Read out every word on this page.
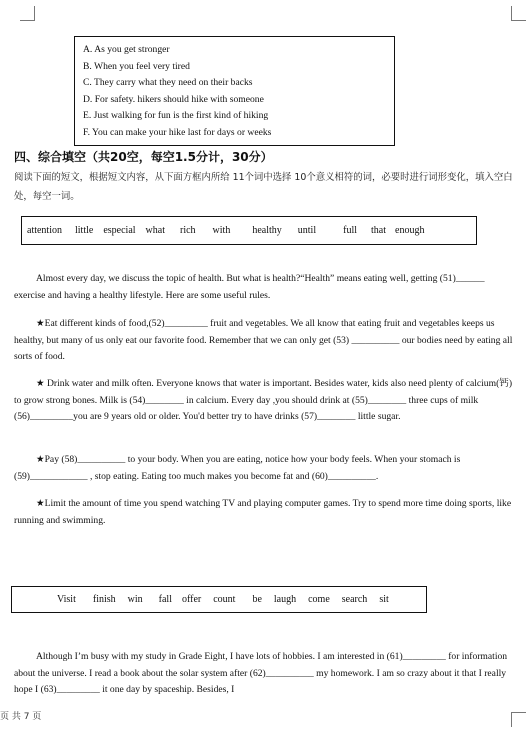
A. As you get stronger
B. When you feel very tired
C. They carry what they need on their backs
D. For safety. hikers should hike with someone
E. Just walking for fun is the first kind of hiking
F. You can make your hike last for days or weeks
四、综合填空（共20空，每空1.5分计，30分）
阅读下面的短文，根据短文内容，从下面方框内所给 11个词中选择 10个意义相符的词，必要时进行词形变化，填入空白处，每空一词。
attention little especial what rich with healthy until	full that enough

Almost every day, we discuss the topic of health. But what is health?“Health” means eating well, getting (51)______ exercise and having a healthy lifestyle. Here are some useful rules.

★Eat different kinds of food,(52)_________ fruit and vegetables. We all know that eating fruit and vegetables keeps us healthy, but many of us only eat our favorite food. Remember that we can only get (53) __________ our bodies need by eating all sorts of food.

★ Drink water and milk often. Everyone knows that water is important. Besides water, kids also need plenty of calcium(钙) to grow strong bones. Milk is (54)________ in calcium. Every day ,you should drink at (55)________ three cups of milk (56)_________you are 9 years old or older. You'd better try to have drinks (57)________ little sugar.

★Pay (58)__________ to your body. When you are eating, notice how your body feels. When your stomach is (59)____________ , stop eating. Eating too much makes you become fat and (60)__________.

★Limit the amount of time you spend watching TV and playing computer games. Try to spend more time doing sports, like running and swimming.

Visit finish win fall offer count be laugh come search sit

Although I’m busy with my study in Grade Eight, I have lots of hobbies. I am interested in (61)_________ for information about the universe. I read a book about the solar system after (62)__________ my homework. I am so crazy about it that I really hope I (63)_________ it one day by spaceship. Besides, I

页 共 7 页
